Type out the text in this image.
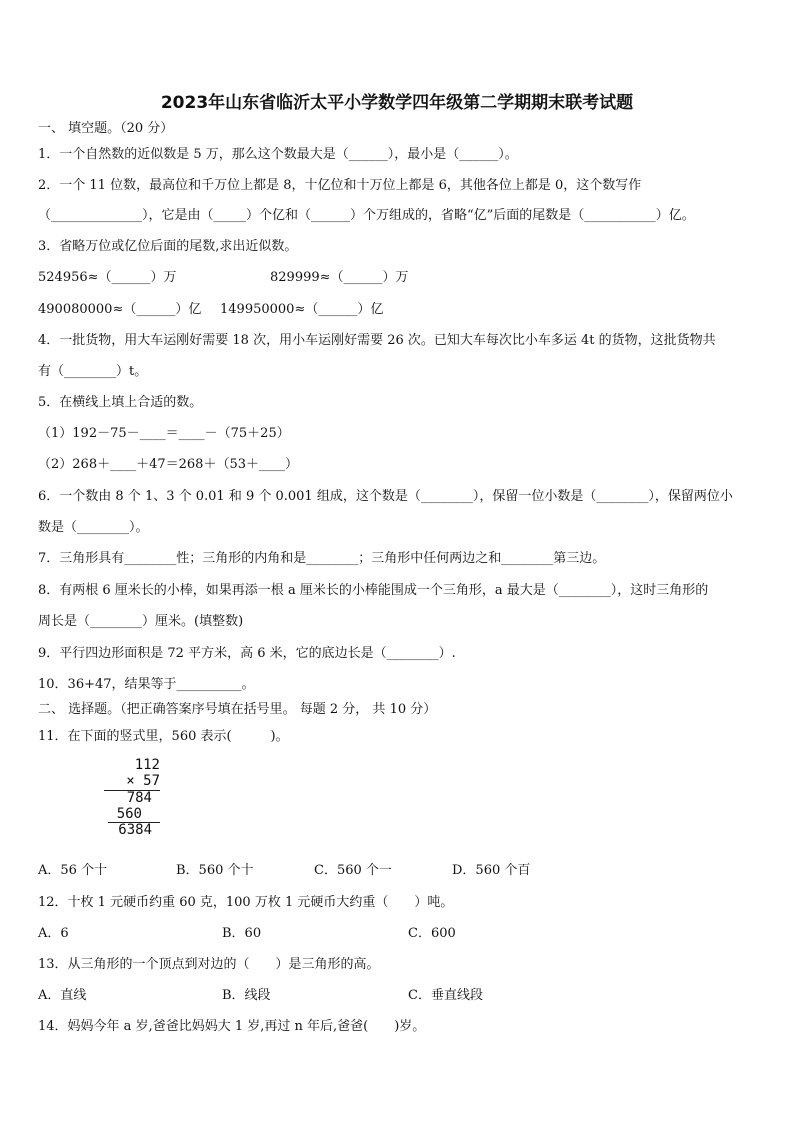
2023年山东省临沂太平小学数学四年级第二学期期末联考试题
一、 填空题。（20 分）
1．一个自然数的近似数是 5 万，那么这个数最大是（______），最小是（______）。
2．一个 11 位数，最高位和千万位上都是 8，十亿位和十万位上都是 6，其他各位上都是 0，这个数写作
（______________），它是由（_____）个亿和（______）个万组成的，省略“亿”后面的尾数是（___________）亿。
3．省略万位或亿位后面的尾数,求出近似数。
524956≈（______）万	829999≈（______）万
490080000≈（______）亿 149950000≈（______）亿
4．一批货物，用大车运刚好需要 18 次，用小车运刚好需要 26 次。已知大车每次比小车多运 4t 的货物，这批货物共
有（________）t。
5．在横线上填上合适的数。
（1）192－75－____＝____－（75＋25）
（2）268＋____＋47＝268＋（53＋____）
6．一个数由 8 个 1、3 个 0.01 和 9 个 0.001 组成，这个数是（________），保留一位小数是（________），保留两位小
数是（________）。
7．三角形具有________性；三角形的内角和是________；三角形中任何两边之和________第三边。
8．有两根 6 厘米长的小棒，如果再添一根 a 厘米长的小棒能围成一个三角形，a 最大是（________），这时三角形的
周长是（________）厘米。(填整数)
9．平行四边形面积是 72 平方米，高 6 米，它的底边长是（________）.
10．36+47，结果等于__________。
二、 选择题。（把正确答案序号填在括号里。 每题 2 分， 共 10 分）
11．在下面的竖式里，560 表示(　　　)。
112
× 57
784
560
6384
A．56 个十	B．560 个十	C．560 个一	D．560 个百
12．十枚 1 元硬币约重 60 克，100 万枚 1 元硬币大约重（　　）吨。
A．6	B．60	C．600
13．从三角形的一个顶点到对边的（　　）是三角形的高。
A．直线	B．线段	C．垂直线段
14．妈妈今年 a 岁,爸爸比妈妈大 1 岁,再过 n 年后,爸爸(　　)岁。
